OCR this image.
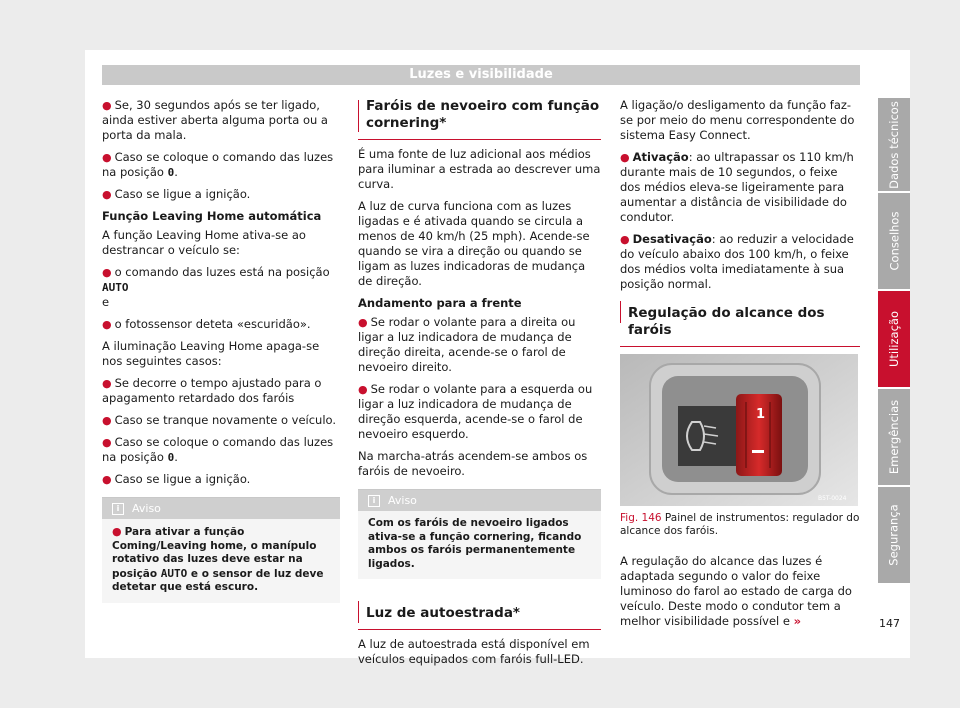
Luzes e visibilidade

● Se, 30 segundos após se ter ligado, ainda estiver aberta alguma porta ou a porta da mala.

● Caso se coloque o comando das luzes na posição 0.

● Caso se ligue a ignição.

Função Leaving Home automática

A função Leaving Home ativa-se ao destrancar o veículo se:

● o comando das luzes está na posição AUTO
e

● o fotossensor deteta «escuridão».

A iluminação Leaving Home apaga-se nos seguintes casos:

● Se decorre o tempo ajustado para o apagamento retardado dos faróis

● Caso se tranque novamente o veículo.

● Caso se coloque o comando das luzes na posição 0.

● Caso se ligue a ignição.

i	Aviso
● Para ativar a função Coming/Leaving home, o manípulo rotativo das luzes deve estar na posição AUTO e o sensor de luz deve detetar que está escuro.

Faróis de nevoeiro com função cornering*

É uma fonte de luz adicional aos médios para iluminar a estrada ao descrever uma curva.

A luz de curva funciona com as luzes ligadas e é ativada quando se circula a menos de 40 km/h (25 mph). Acende-se quando se vira a direção ou quando se ligam as luzes indicadoras de mudança de direção.

Andamento para a frente

● Se rodar o volante para a direita ou ligar a luz indicadora de mudança de direção direita, acende-se o farol de nevoeiro direito.

● Se rodar o volante para a esquerda ou ligar a luz indicadora de mudança de direção esquerda, acende-se o farol de nevoeiro esquerdo.

Na marcha-atrás acendem-se ambos os faróis de nevoeiro.

i	Aviso
Com os faróis de nevoeiro ligados ativa-se a função cornering, ficando ambos os faróis permanentemente ligados.

Luz de autoestrada*

A luz de autoestrada está disponível em veículos equipados com faróis full-LED.

A ligação/o desligamento da função faz-se por meio do menu correspondente do sistema Easy Connect.

● Ativação: ao ultrapassar os 110 km/h durante mais de 10 segundos, o feixe dos médios eleva-se ligeiramente para aumentar a distância de visibilidade do condutor.

● Desativação: ao reduzir a velocidade do veículo abaixo dos 100 km/h, o feixe dos médios volta imediatamente à sua posição normal.

Regulação do alcance dos faróis

1
B5T-0024

Fig. 146 Painel de instrumentos: regulador do alcance dos faróis.

A regulação do alcance das luzes é adaptada segundo o valor do feixe luminoso do farol ao estado de carga do veículo. Deste modo o condutor tem a melhor visibilidade possível e »

Dados técnicos
Conselhos
Utilização
Emergências
Segurança
147
